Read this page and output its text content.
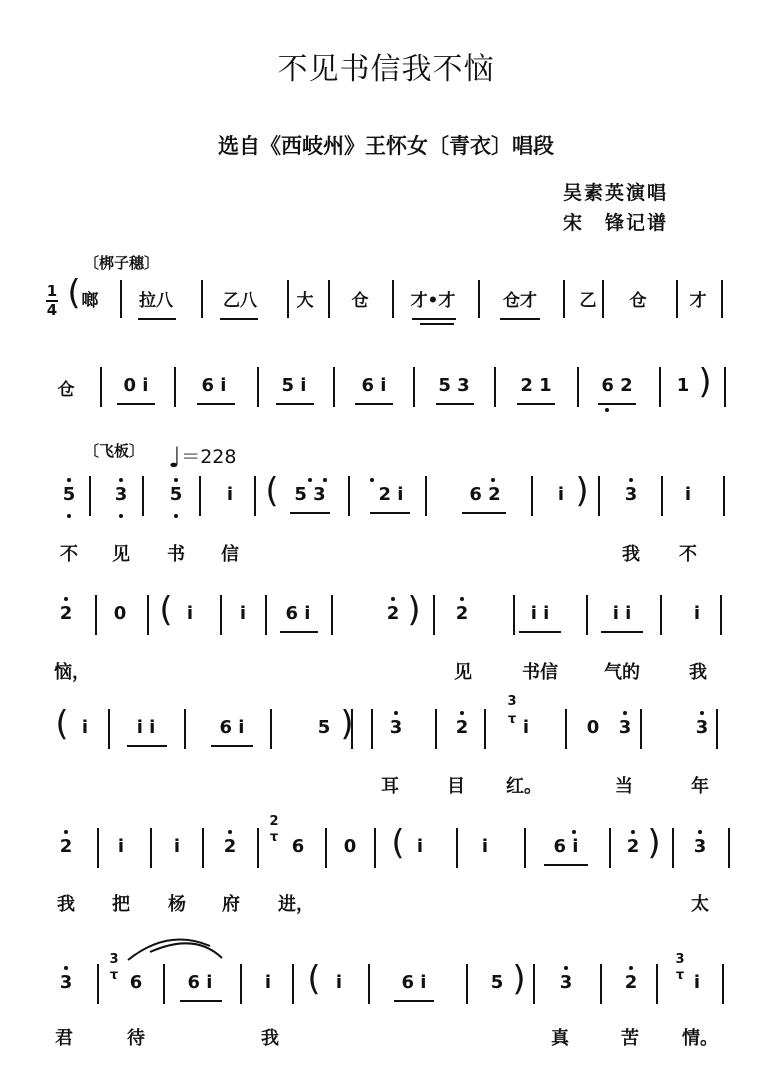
不见书信我不恼
选自《西岐州》王怀女〔青衣〕唱段
吴素英演唱
宋　锋记谱
〔梆子穗〕
〔飞板〕 ♩＝228
1
4 ( 啷 拉八	乙八 大 仓 才•才	仓才	乙 仓	才
仓	0 i	6 i	5 i	6 i	5 3	2 1	6 2 1 )
5 3 5 i ( 5 3	2 i	6 2	i ) 3	i
不 见 书 信	我 不
2 0 ( i	i 6 i	2 ) 2	i i	i i	i
恼，	见	书信	气的	我
( i	i i	6 i	5 ) 3	2	i	0 3	3
3
τ
耳	目 红。	当	年
2	i	i 2	6 0 ( i	i	6 i	2 ) 3
2
τ
我 把 杨 府 进，	太
3	6	6 i	i ( i	6 i	5 ) 3	2	i
3
τ
3
τ
君	待	我	真	苦 情。
